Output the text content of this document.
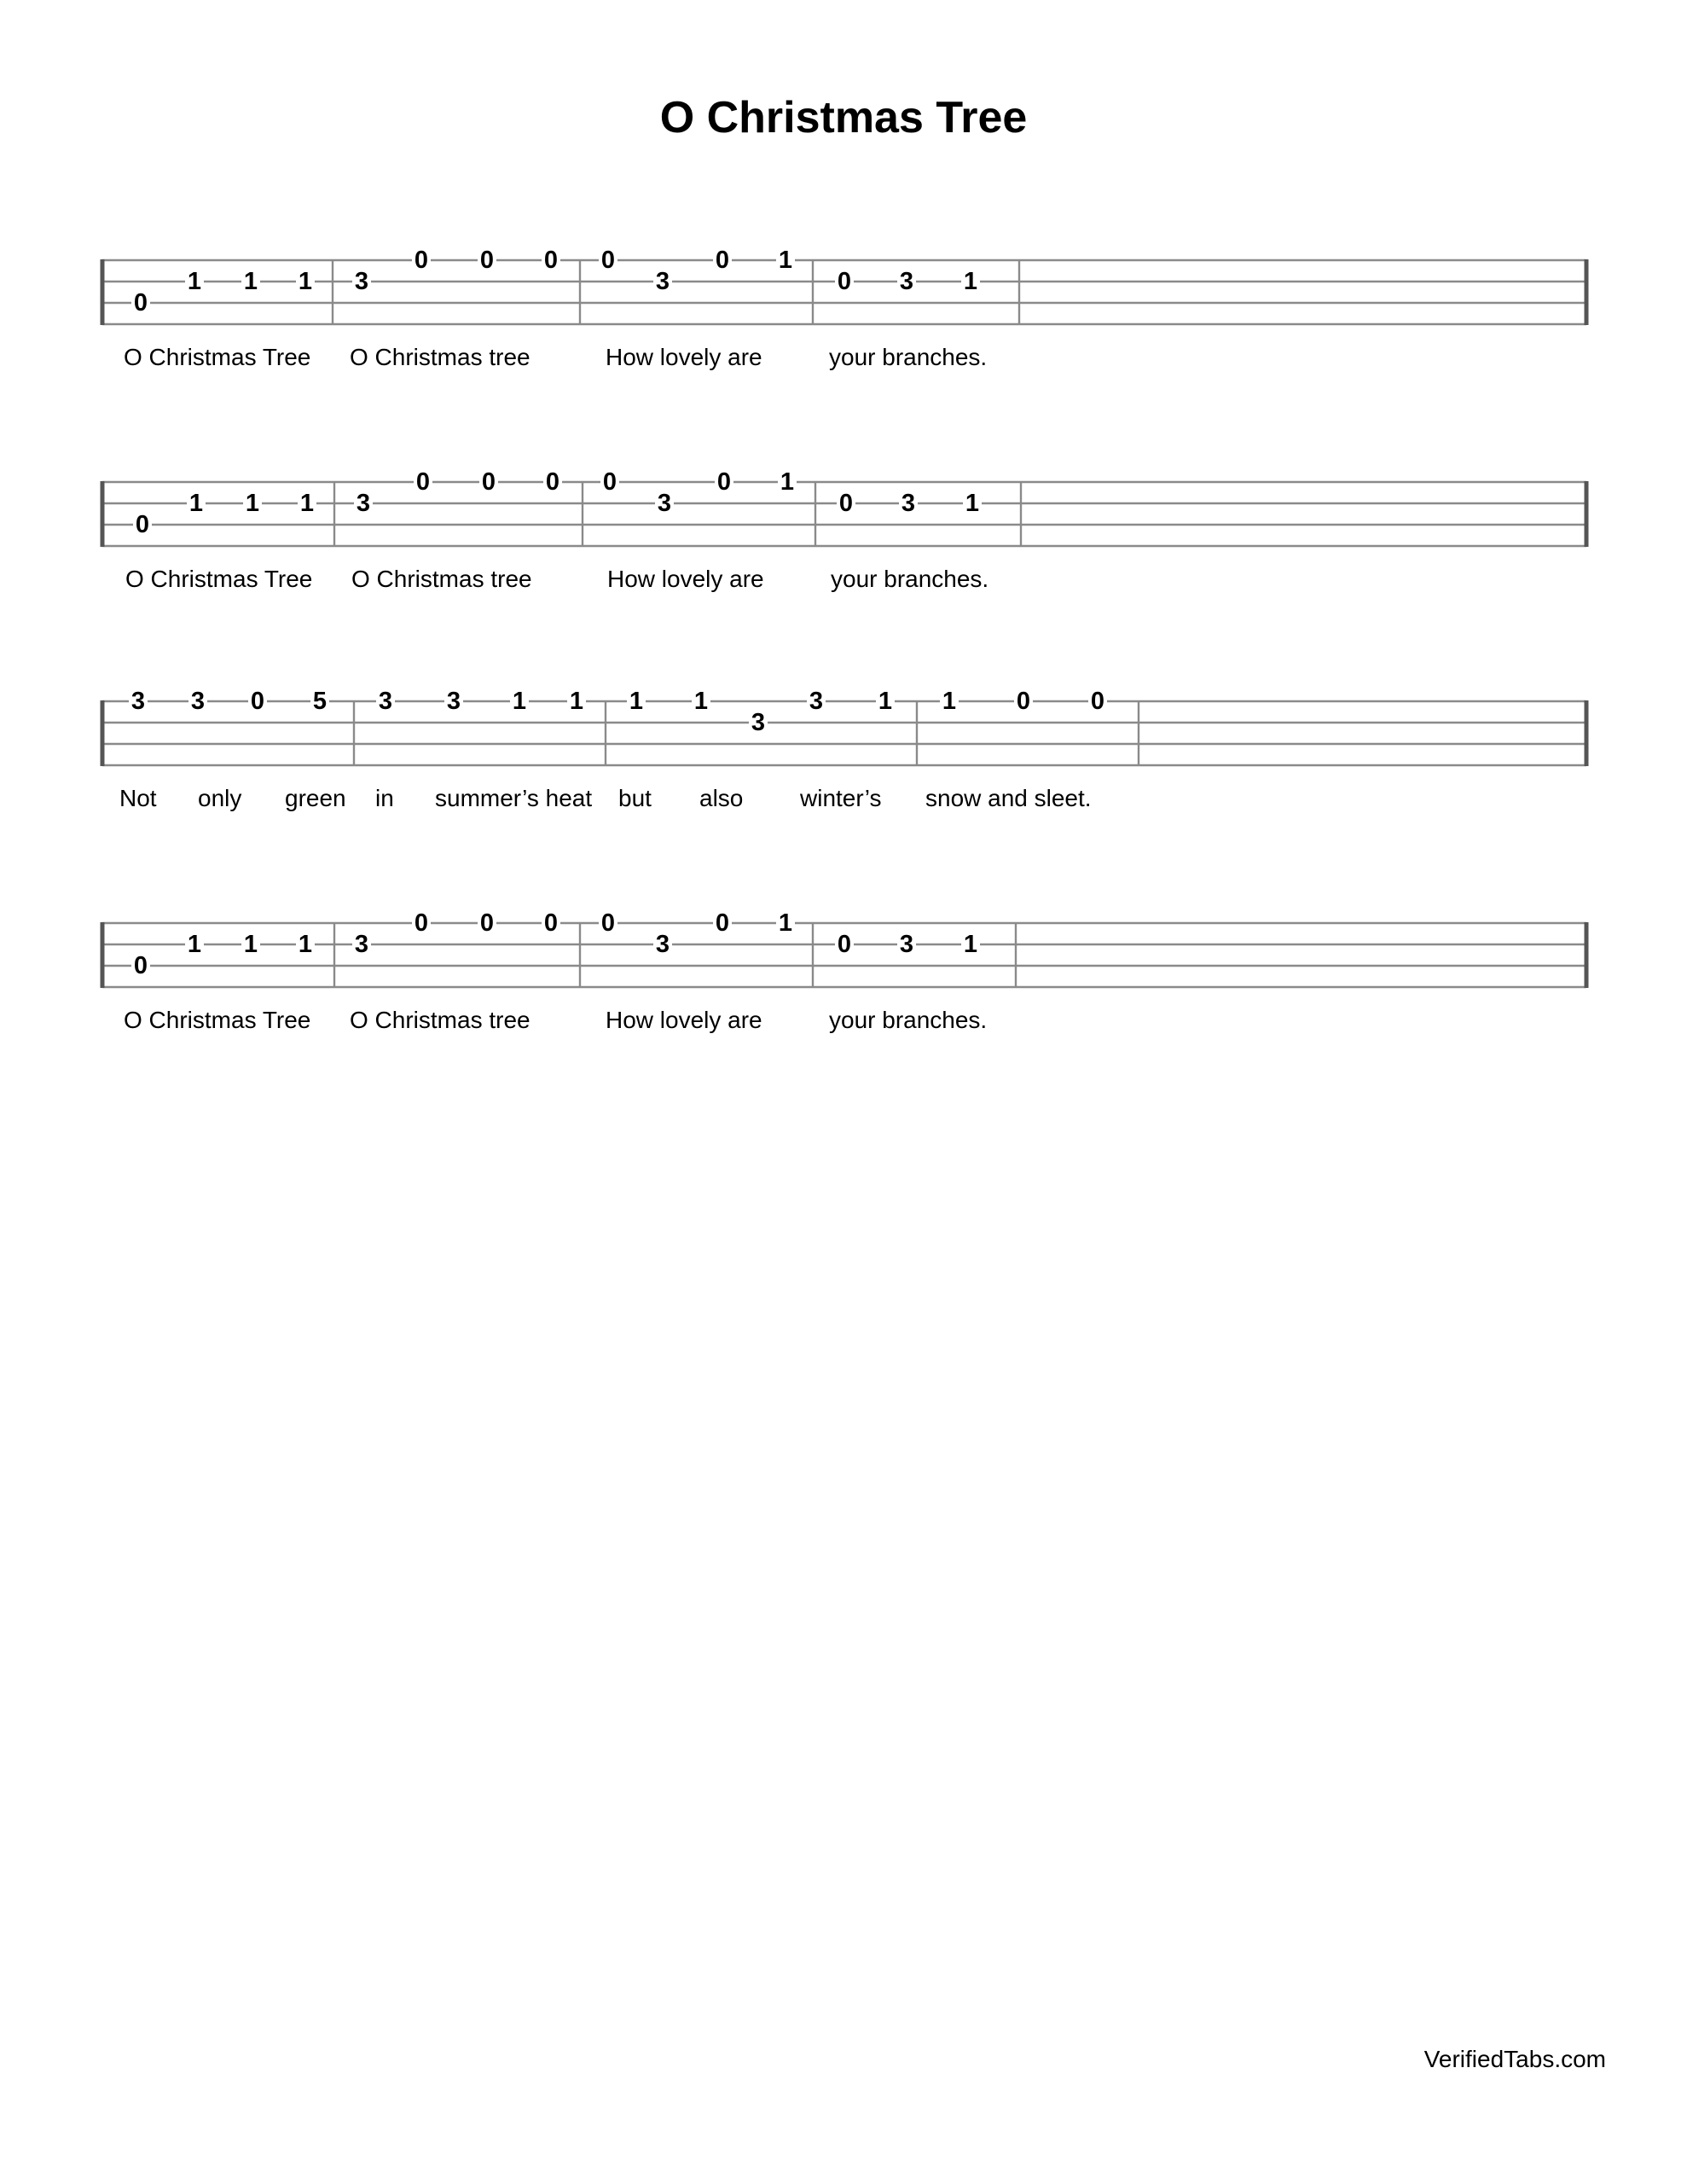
O Christmas Tree
0
1 1 1 3
0 0 0 0
3
0 1
0 3 1
O Christmas Tree O Christmas tree	How lovely are	your branches.
0
1 1 1 3
0 0 0 0
3
0 1
0 3 1
O Christmas Tree O Christmas tree	How lovely are	your branches.
3 3 0 5 3 3 1 1 1 1
3
3 1 1 0 0
Not only green in summer’s heat but also winter’s snow and sleet.
0
1 1 1 3
0 0 0 0
3
0 1
0 3 1
O Christmas Tree O Christmas tree	How lovely are	your branches.
VerifiedTabs.com
